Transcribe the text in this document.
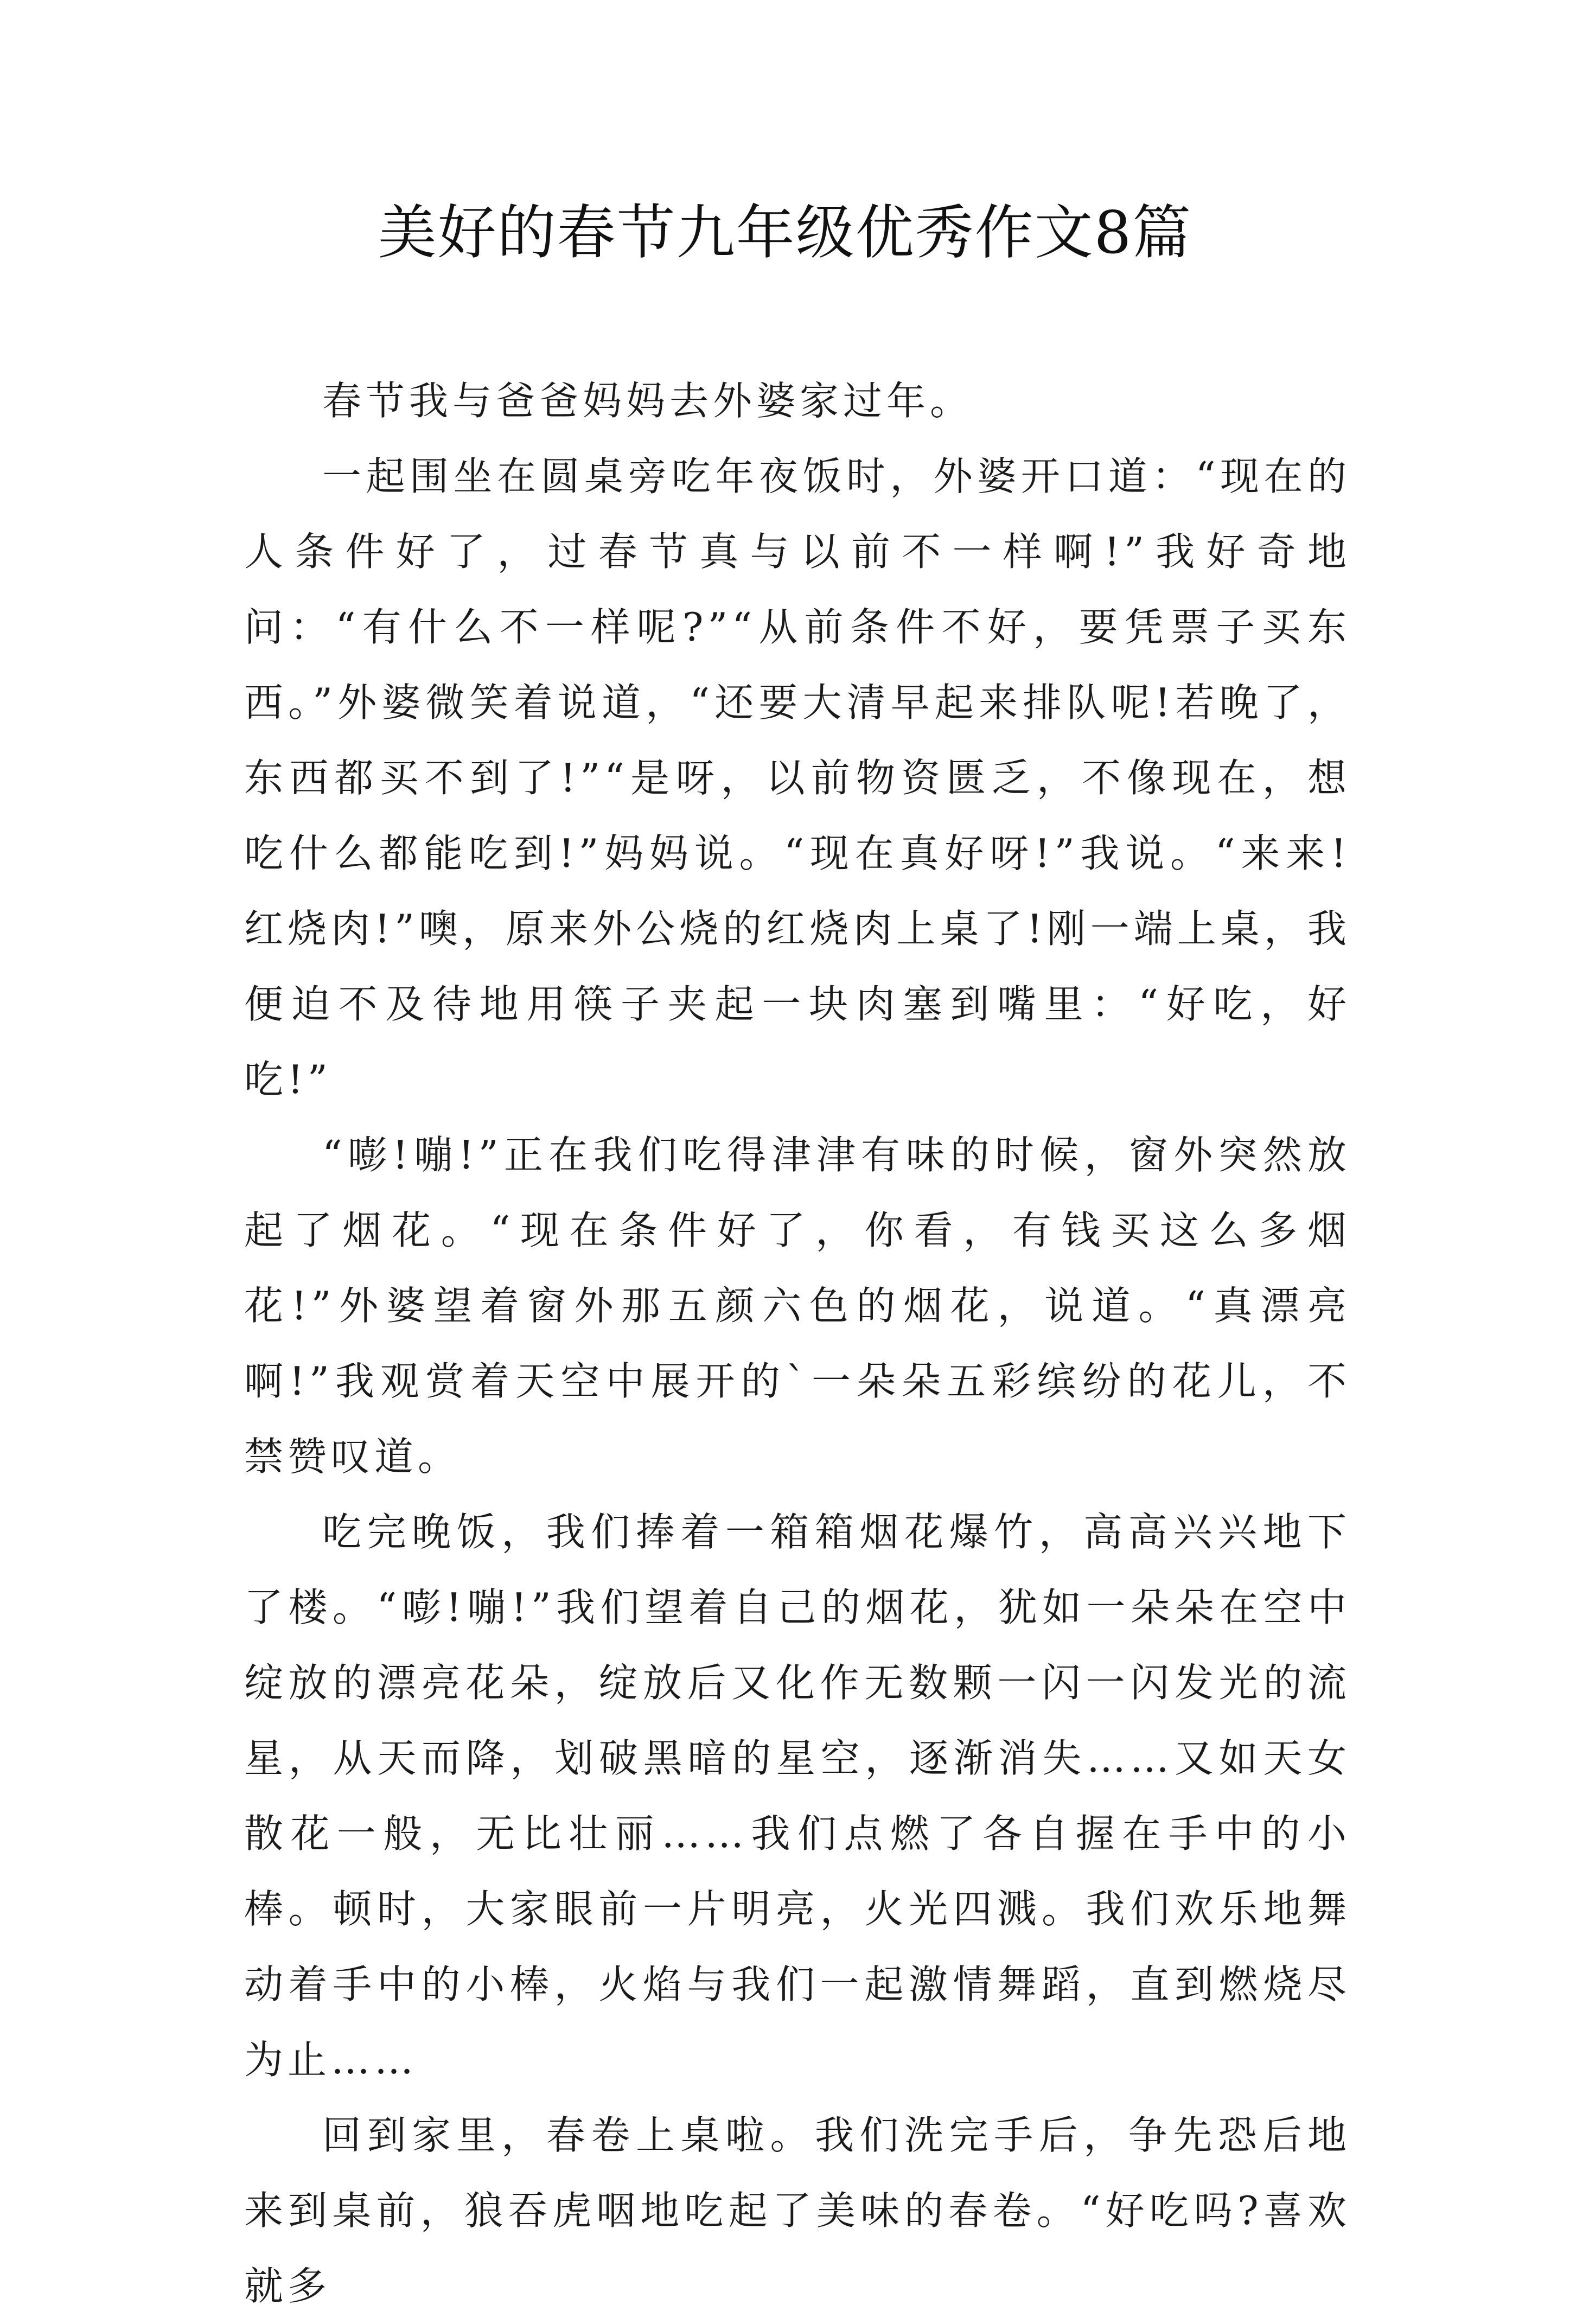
美好的春节九年级优秀作文8篇

春节我与爸爸妈妈去外婆家过年。

一起围坐在圆桌旁吃年夜饭时，外婆开口道：“现在的人条件好了，过春节真与以前不一样啊!”我好奇地问：“有什么不一样呢?”“从前条件不好，要凭票子买东西。”外婆微笑着说道，“还要大清早起来排队呢!若晚了，东西都买不到了!”“是呀，以前物资匮乏，不像现在，想吃什么都能吃到!”妈妈说。“现在真好呀!”我说。“来来!红烧肉!”噢，原来外公烧的红烧肉上桌了!刚一端上桌，我便迫不及待地用筷子夹起一块肉塞到嘴里：“好吃，好吃!”

“嘭!嘣!”正在我们吃得津津有味的时候，窗外突然放起了烟花。“现在条件好了，你看，有钱买这么多烟花!”外婆望着窗外那五颜六色的烟花，说道。“真漂亮啊!”我观赏着天空中展开的`一朵朵五彩缤纷的花儿，不禁赞叹道。

吃完晚饭，我们捧着一箱箱烟花爆竹，高高兴兴地下了楼。“嘭!嘣!”我们望着自己的烟花，犹如一朵朵在空中绽放的漂亮花朵，绽放后又化作无数颗一闪一闪发光的流星，从天而降，划破黑暗的星空，逐渐消失……又如天女散花一般，无比壮丽……我们点燃了各自握在手中的小棒。顿时，大家眼前一片明亮，火光四溅。我们欢乐地舞动着手中的小棒，火焰与我们一起激情舞蹈，直到燃烧尽为止……

回到家里，春卷上桌啦。我们洗完手后，争先恐后地来到桌前，狼吞虎咽地吃起了美味的春卷。“好吃吗?喜欢就多
